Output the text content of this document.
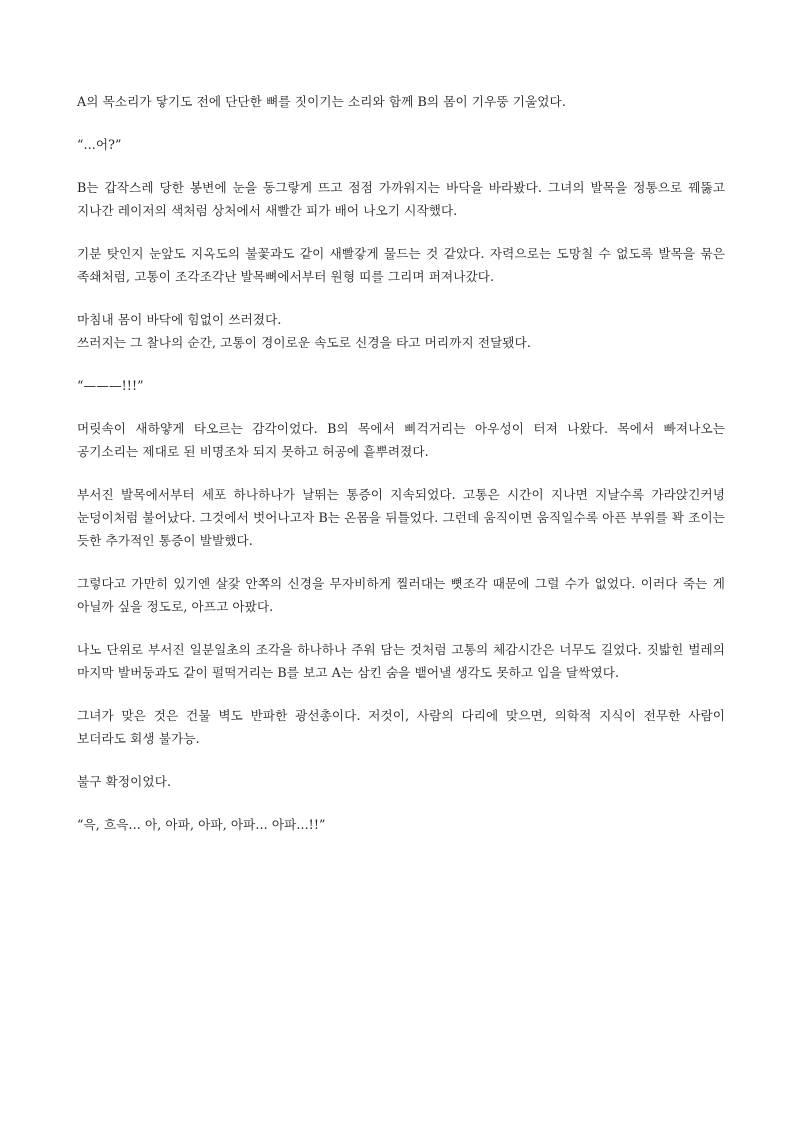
A의 목소리가 닿기도 전에 단단한 뼈를 짓이기는 소리와 함께 B의 몸이 기우뚱 기울었다.

“...어?”

B는 갑작스레 당한 봉변에 눈을 동그랗게 뜨고 점점 가까워지는 바닥을 바라봤다. 그녀의 발목을 정통으로 꿰뚫고 지나간 레이저의 색처럼 상처에서 새빨간 피가 배어 나오기 시작했다.

기분 탓인지 눈앞도 지옥도의 불꽃과도 같이 새빨갛게 물드는 것 같았다. 자력으로는 도망칠 수 없도록 발목을 묶은 족쇄처럼, 고통이 조각조각난 발목뼈에서부터 원형 띠를 그리며 퍼져나갔다.

마침내 몸이 바닥에 힘없이 쓰러졌다.
쓰러지는 그 찰나의 순간, 고통이 경이로운 속도로 신경을 타고 머리까지 전달됐다.

“———!!!”

머릿속이 새하얗게 타오르는 감각이었다. B의 목에서 삐걱거리는 아우성이 터져 나왔다. 목에서 빠져나오는 공기소리는 제대로 된 비명조차 되지 못하고 허공에 흩뿌려졌다.

부서진 발목에서부터 세포 하나하나가 날뛰는 통증이 지속되었다. 고통은 시간이 지나면 지날수록 가라앉긴커녕 눈덩이처럼 불어났다. 그것에서 벗어나고자 B는 온몸을 뒤틀었다. 그런데 움직이면 움직일수록 아픈 부위를 꽉 조이는 듯한 추가적인 통증이 발발했다.

그렇다고 가만히 있기엔 살갗 안쪽의 신경을 무자비하게 찔러대는 뼛조각 때문에 그럴 수가 없었다. 이러다 죽는 게 아닐까 싶을 정도로, 아프고 아팠다.

나노 단위로 부서진 일분일초의 조각을 하나하나 주워 담는 것처럼 고통의 체감시간은 너무도 길었다. 짓밟힌 벌레의 마지막 발버둥과도 같이 펄떡거리는 B를 보고 A는 삼킨 숨을 뱉어낼 생각도 못하고 입을 달싹였다.

그녀가 맞은 것은 건물 벽도 반파한 광선총이다. 저것이, 사람의 다리에 맞으면, 의학적 지식이 전무한 사람이 보더라도 회생 불가능.

불구 확정이었다.

“윽, 흐윽... 아, 아파, 아파, 아파... 아파...!!”
